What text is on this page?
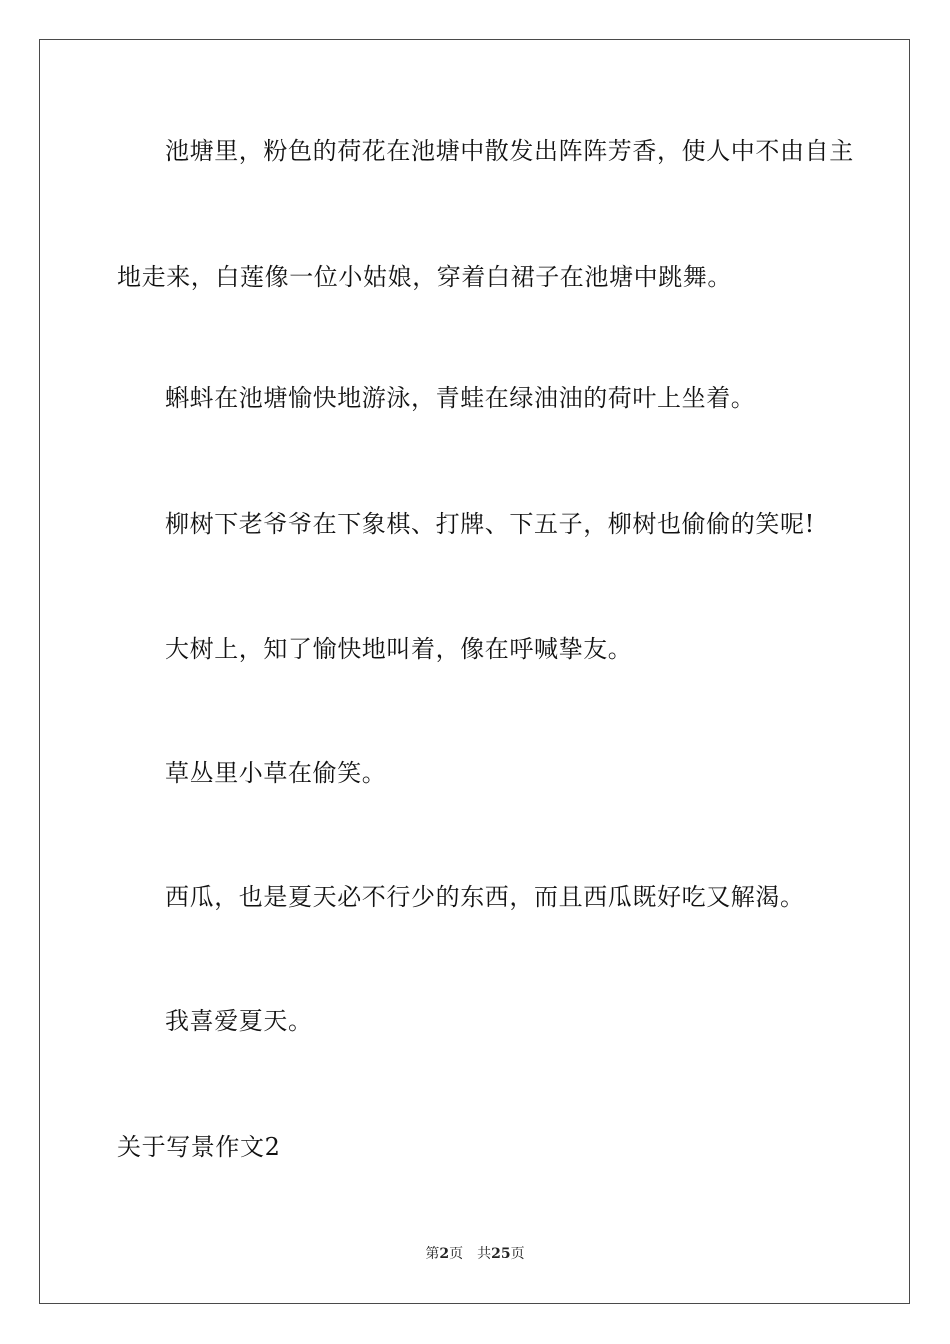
池塘里，粉色的荷花在池塘中散发出阵阵芳香，使人中不由自主
地走来，白莲像一位小姑娘，穿着白裙子在池塘中跳舞。
蝌蚪在池塘愉快地游泳，青蛙在绿油油的荷叶上坐着。
柳树下老爷爷在下象棋、打牌、下五子，柳树也偷偷的笑呢!
大树上，知了愉快地叫着，像在呼喊挚友。
草丛里小草在偷笑。
西瓜，也是夏天必不行少的东西，而且西瓜既好吃又解渴。
我喜爱夏天。
关于写景作文2
第2页 共25页
